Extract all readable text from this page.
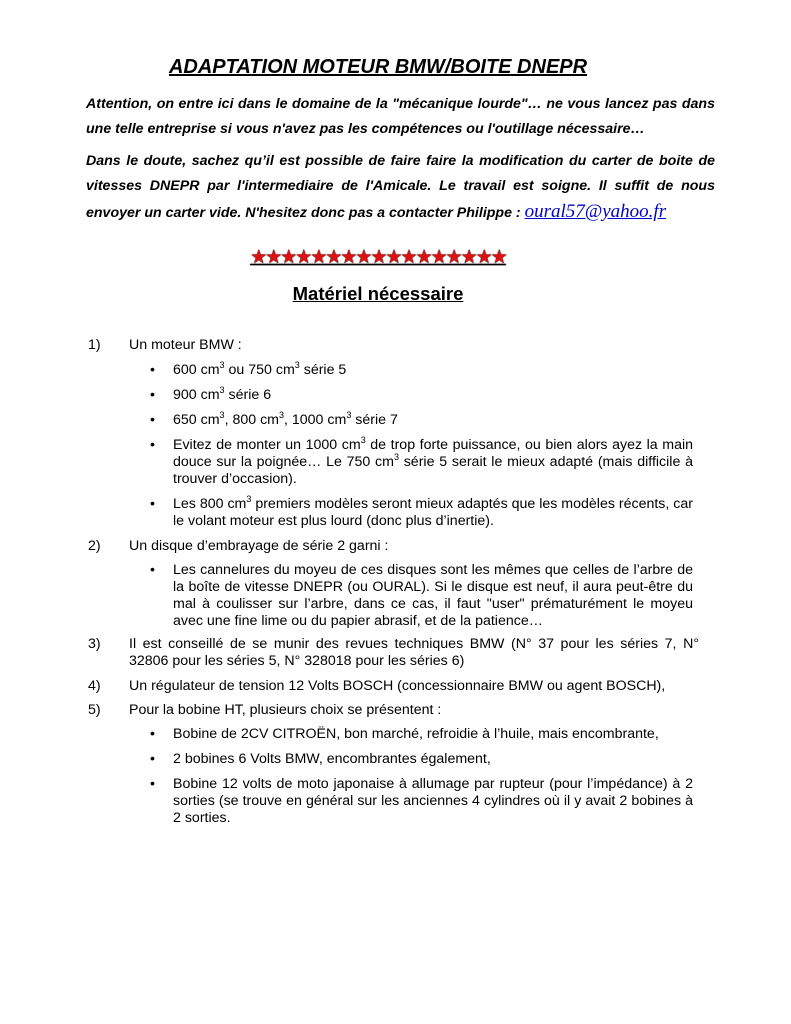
ADAPTATION MOTEUR BMW/BOITE DNEPR

Attention, on entre ici dans le domaine de la "mécanique lourde"… ne vous lancez pas dans une telle entreprise si vous n'avez pas les compétences ou l'outillage nécessaire…

Dans le doute, sachez qu’il est possible de faire faire la modification du carter de boite de vitesses DNEPR par l'intermediaire de l'Amicale. Le travail est soigne. Il suffit de nous envoyer un carter vide. N'hesitez donc pas a contacter Philippe : oural57@yahoo.fr

★★★★★★★★★★★★★★★★★
Matériel nécessaire
1) Un moteur BMW :
• 600 $cm^3$ ou 750 $cm^3$ série 5
• 900 $cm^3$ série 6
• 650 $cm^3$, 800 $cm^3$, 1000 $cm^3$ série 7
• Evitez de monter un 1000 $cm^3$ de trop forte puissance, ou bien alors ayez la main douce sur la poignée… Le 750 $cm^3$ série 5 serait le mieux adapté (mais difficile à trouver d’occasion).
• Les 800 $cm^3$ premiers modèles seront mieux adaptés que les modèles récents, car le volant moteur est plus lourd (donc plus d’inertie).
2) Un disque d’embrayage de série 2 garni :
• Les cannelures du moyeu de ces disques sont les mêmes que celles de l’arbre de la boîte de vitesse DNEPR (ou OURAL). Si le disque est neuf, il aura peut-être du mal à coulisser sur l’arbre, dans ce cas, il faut "user" prématurément le moyeu avec une fine lime ou du papier abrasif, et de la patience…
3) Il est conseillé de se munir des revues techniques BMW (N° 37 pour les séries 7, N° 32806 pour les séries 5, N° 328018 pour les séries 6)
4) Un régulateur de tension 12 Volts BOSCH (concessionnaire BMW ou agent BOSCH),
5) Pour la bobine HT, plusieurs choix se présentent :
• Bobine de 2CV CITROËN, bon marché, refroidie à l’huile, mais encombrante,
• 2 bobines 6 Volts BMW, encombrantes également,
• Bobine 12 volts de moto japonaise à allumage par rupteur (pour l’impédance) à 2 sorties (se trouve en général sur les anciennes 4 cylindres où il y avait 2 bobines à 2 sorties.
